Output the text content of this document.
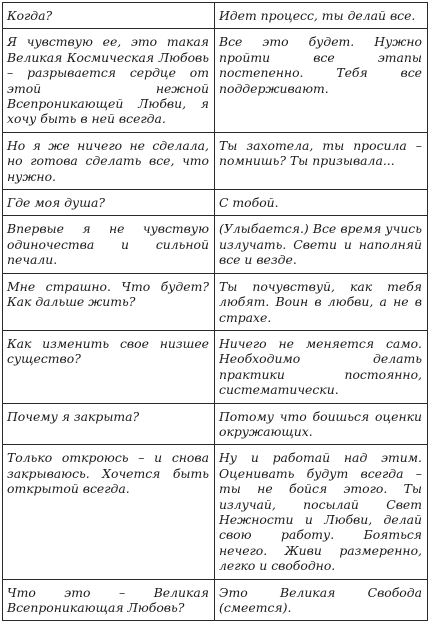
Когда?	Идет процесс, ты делай все.
Я чувствую ее, это такая Великая Космическая Любовь – разрывается сердце от этой нежной Всепроникающей Любви, я хочу быть в ней всегда.	Все это будет. Нужно пройти все этапы постепенно. Тебя все поддерживают.
Но я же ничего не сделала, но готова сделать все, что нужно.	Ты захотела, ты просила – помнишь? Ты призывала...
Где моя душа?	С тобой.
Впервые я не чувствую одиночества и сильной печали.	(Улыбается.) Все время учись излучать. Свети и наполняй все и везде.
Мне страшно. Что будет? Как дальше жить?	Ты почувствуй, как тебя любят. Воин в любви, а не в страхе.
Как изменить свое низшее существо?	Ничего не меняется само. Необходимо делать практики постоянно, систематически.
Почему я закрыта?	Потому что боишься оценки окружающих.
Только откроюсь – и снова закрываюсь. Хочется быть открытой всегда.	Ну и работай над этим. Оценивать будут всегда – ты не бойся этого. Ты излучай, посылай Свет Нежности и Любви, делай свою работу. Бояться нечего. Живи размеренно, легко и свободно.
Что это – Великая Всепроникающая Любовь?	Это Великая Свобода (смеется).
